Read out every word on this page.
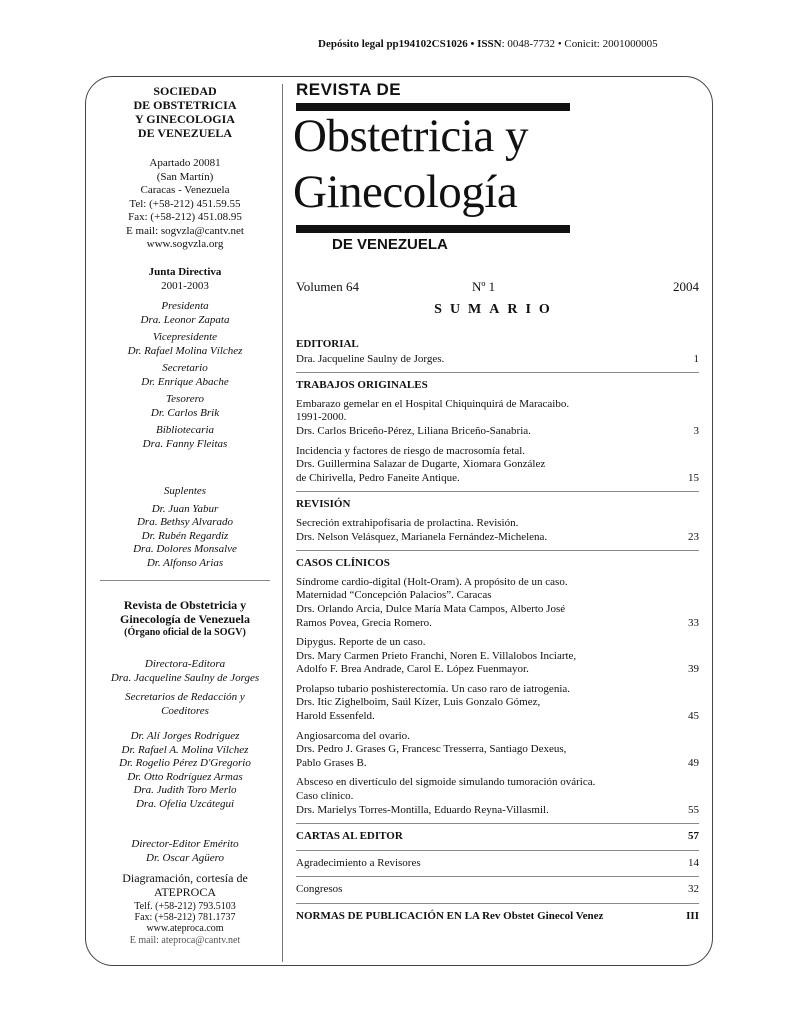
Depósito legal pp194102CS1026 • ISSN: 0048-7732 • Conicit: 2001000005
SOCIEDAD
DE OBSTETRICIA
Y GINECOLOGIA
DE VENEZUELA
Apartado 20081
(San Martín)
Caracas - Venezuela
Tel: (+58-212) 451.59.55
Fax: (+58-212) 451.08.95
E mail: sogvzla@cantv.net
www.sogvzla.org
Junta Directiva
2001-2003
Presidenta
Dra. Leonor Zapata
Vicepresidente
Dr. Rafael Molina Vílchez
Secretario
Dr. Enrique Abache
Tesorero
Dr. Carlos Brik
Bibliotecaria
Dra. Fanny Fleitas
Suplentes
Dr. Juan Yabur
Dra. Bethsy Alvarado
Dr. Rubén Regardiz
Dra. Dolores Monsalve
Dr. Alfonso Arias
Revista de Obstetricia y
Ginecología de Venezuela
(Órgano oficial de la SOGV)
Directora-Editora
Dra. Jacqueline Saulny de Jorges
Secretarios de Redacción y
Coeditores
Dr. Alí Jorges Rodríguez
Dr. Rafael A. Molina Vílchez
Dr. Rogelio Pérez D'Gregorio
Dr. Otto Rodríguez Armas
Dra. Judith Toro Merlo
Dra. Ofelia Uzcátegui
Director-Editor Emérito
Dr. Oscar Agüero
Diagramación, cortesía de
ATEPROCA
Telf. (+58-212) 793.5103
Fax: (+58-212) 781.1737
www.ateproca.com
E mail: ateproca@cantv.net
REVISTA DE
Obstetricia y
Ginecología
DE VENEZUELA
Volumen 64	Nº 1	2004
SUMARIO
EDITORIAL
Dra. Jacqueline Saulny de Jorges.	1
TRABAJOS ORIGINALES
Embarazo gemelar en el Hospital Chiquinquirá de Maracaibo.
1991-2000.
Drs. Carlos Briceño-Pérez, Liliana Briceño-Sanabria.	3
Incidencia y factores de riesgo de macrosomía fetal.
Drs. Guillermina Salazar de Dugarte, Xiomara González
de Chirivella, Pedro Faneite Antique.	15
REVISIÓN
Secreción extrahipofisaria de prolactina. Revisión.
Drs. Nelson Velásquez, Marianela Fernández-Michelena.	23
CASOS CLÍNICOS
Síndrome cardio-digital (Holt-Oram). A propósito de un caso.
Maternidad “Concepción Palacios”. Caracas
Drs. Orlando Arcia, Dulce María Mata Campos, Alberto José
Ramos Povea, Grecia Romero.	33
Dipygus. Reporte de un caso.
Drs. Mary Carmen Prieto Franchi, Noren E. Villalobos Inciarte,
Adolfo F. Brea Andrade, Carol E. López Fuenmayor.	39
Prolapso tubario poshisterectomía. Un caso raro de iatrogenia.
Drs. Itic Zighelboim, Saúl Kízer, Luis Gonzalo Gómez,
Harold Essenfeld.	45
Angiosarcoma del ovario.
Drs. Pedro J. Grases G, Francesc Tresserra, Santiago Dexeus,
Pablo Grases B.	49
Absceso en divertículo del sigmoide simulando tumoración ovárica.
Caso clínico.
Drs. Marielys Torres-Montilla, Eduardo Reyna-Villasmil.	55
CARTAS AL EDITOR	57
Agradecimiento a Revisores	14
Congresos	32
NORMAS DE PUBLICACIÓN EN LA Rev Obstet Ginecol Venez	III
